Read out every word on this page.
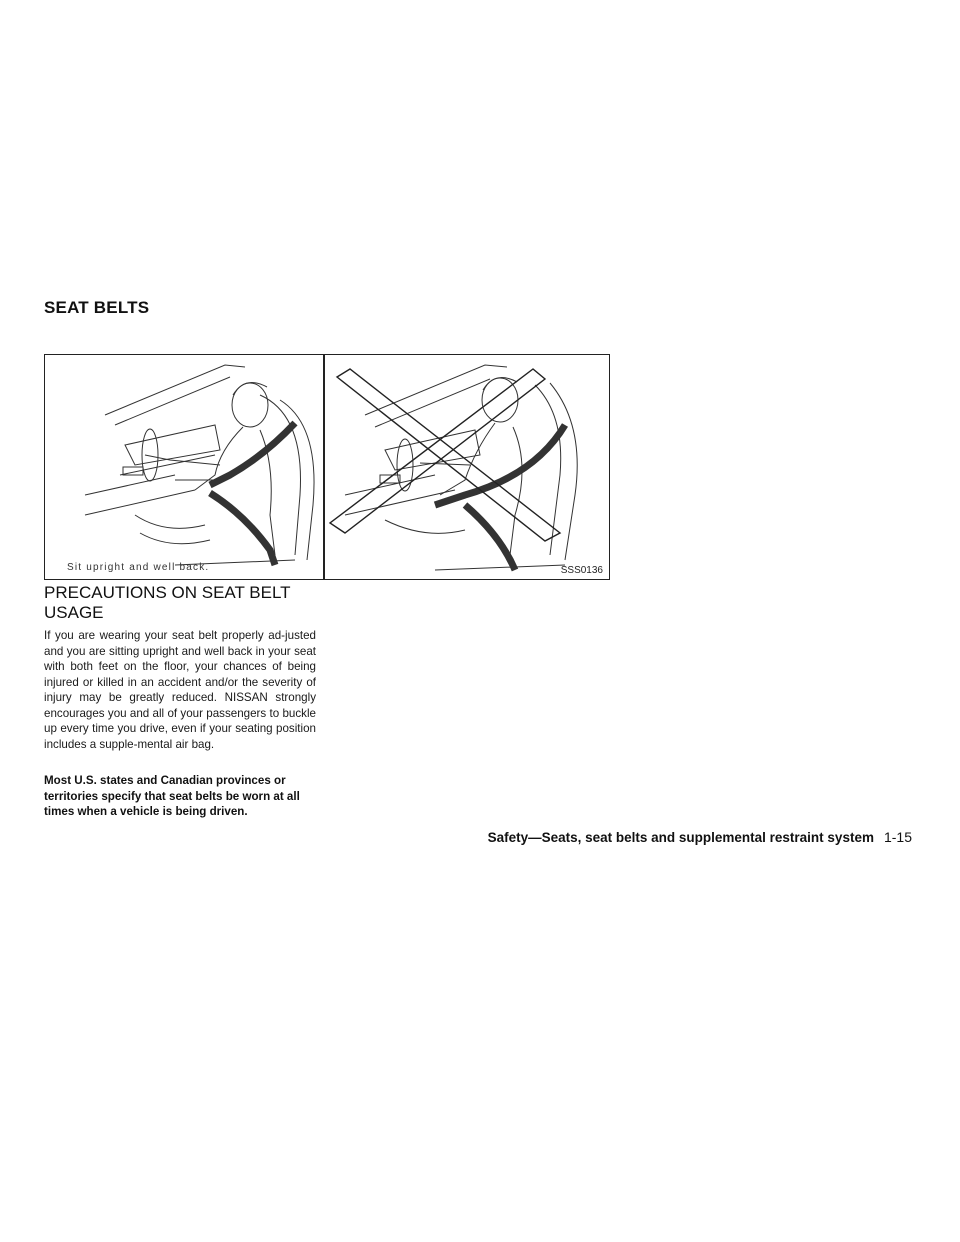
SEAT BELTS
Sit upright and well back.	SSS0136
PRECAUTIONS ON SEAT BELT USAGE

If you are wearing your seat belt properly ad-justed and you are sitting upright and well back in your seat with both feet on the floor, your chances of being injured or killed in an accident and/or the severity of injury may be greatly reduced. NISSAN strongly encourages you and all of your passengers to buckle up every time you drive, even if your seating position includes a supple-mental air bag.

Most U.S. states and Canadian provinces or territories specify that seat belts be worn at all times when a vehicle is being driven.

Safety—Seats, seat belts and supplemental restraint system 1-15
